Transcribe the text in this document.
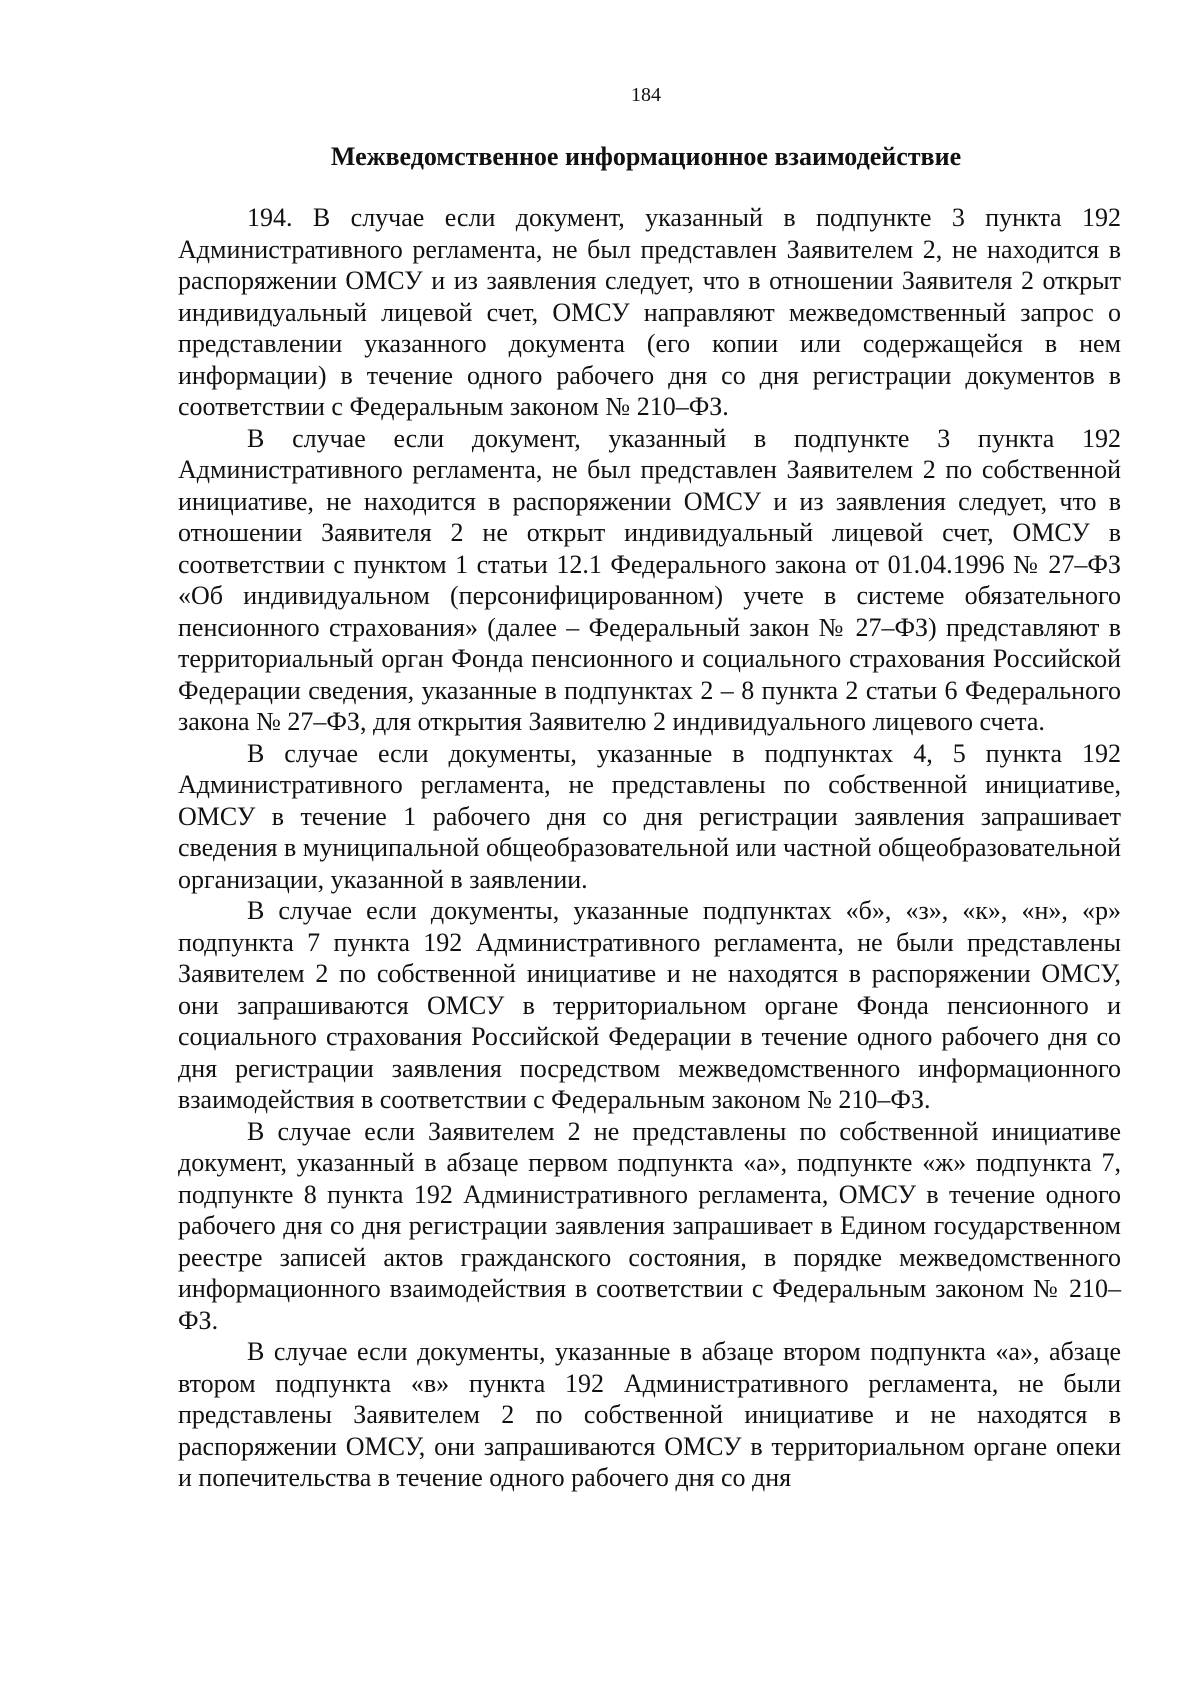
184
Межведомственное информационное взаимодействие

194. В случае если документ, указанный в подпункте 3 пункта 192 Административного регламента, не был представлен Заявителем 2, не находится в распоряжении ОМСУ и из заявления следует, что в отношении Заявителя 2 открыт индивидуальный лицевой счет, ОМСУ направляют межведомственный запрос о представлении указанного документа (его копии или содержащейся в нем информации) в течение одного рабочего дня со дня регистрации документов в соответствии с Федеральным законом № 210–ФЗ.

В случае если документ, указанный в подпункте 3 пункта 192 Административного регламента, не был представлен Заявителем 2 по собственной инициативе, не находится в распоряжении ОМСУ и из заявления следует, что в отношении Заявителя 2 не открыт индивидуальный лицевой счет, ОМСУ в соответствии с пунктом 1 статьи 12.1 Федерального закона от 01.04.1996 № 27–ФЗ «Об индивидуальном (персонифицированном) учете в системе обязательного пенсионного страхования» (далее – Федеральный закон № 27–ФЗ) представляют в территориальный орган Фонда пенсионного и социального страхования Российской Федерации сведения, указанные в подпунктах 2 – 8 пункта 2 статьи 6 Федерального закона № 27–ФЗ, для открытия Заявителю 2 индивидуального лицевого счета.

В случае если документы, указанные в подпунктах 4, 5 пункта 192 Административного регламента, не представлены по собственной инициативе, ОМСУ в течение 1 рабочего дня со дня регистрации заявления запрашивает сведения в муниципальной общеобразовательной или частной общеобразовательной организации, указанной в заявлении.

В случае если документы, указанные подпунктах «б», «з», «к», «н», «р» подпункта 7 пункта 192 Административного регламента, не были представлены Заявителем 2 по собственной инициативе и не находятся в распоряжении ОМСУ, они запрашиваются ОМСУ в территориальном органе Фонда пенсионного и социального страхования Российской Федерации в течение одного рабочего дня со дня регистрации заявления посредством межведомственного информационного взаимодействия в соответствии с Федеральным законом № 210–ФЗ.

В случае если Заявителем 2 не представлены по собственной инициативе документ, указанный в абзаце первом подпункта «а», подпункте «ж» подпункта 7, подпункте 8 пункта 192 Административного регламента, ОМСУ в течение одного рабочего дня со дня регистрации заявления запрашивает в Едином государственном реестре записей актов гражданского состояния, в порядке межведомственного информационного взаимодействия в соответствии с Федеральным законом № 210–ФЗ.

В случае если документы, указанные в абзаце втором подпункта «а», абзаце втором подпункта «в» пункта 192 Административного регламента, не были представлены Заявителем 2 по собственной инициативе и не находятся в распоряжении ОМСУ, они запрашиваются ОМСУ в территориальном органе опеки и попечительства в течение одного рабочего дня со дня
